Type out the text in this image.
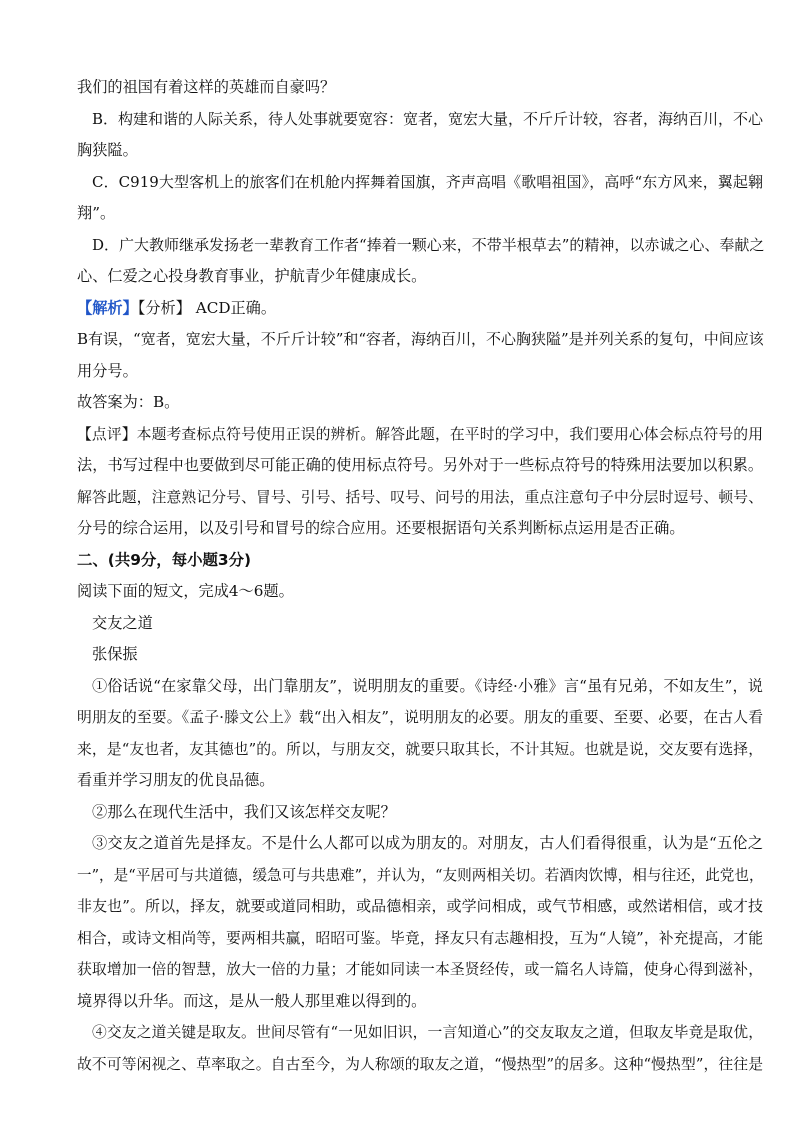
我们的祖国有着这样的英雄而自豪吗？
B．构建和谐的人际关系，待人处事就要宽容：宽者，宽宏大量，不斤斤计较，容者，海纳百川，不心
胸狭隘。
C．C919大型客机上的旅客们在机舱内挥舞着国旗，齐声高唱《歌唱祖国》，高呼“东方风来，翼起翱
翔”。
D．广大教师继承发扬老一辈教育工作者“捧着一颗心来，不带半根草去”的精神，以赤诚之心、奉献之
心、仁爱之心投身教育事业，护航青少年健康成长。
【解析】【分析】 ACD正确。
B有误，“宽者，宽宏大量，不斤斤计较”和“容者，海纳百川，不心胸狭隘”是并列关系的复句，中间应该
用分号。
故答案为：B。
【点评】本题考查标点符号使用正误的辨析。解答此题，在平时的学习中，我们要用心体会标点符号的用
法，书写过程中也要做到尽可能正确的使用标点符号。另外对于一些标点符号的特殊用法要加以积累。
解答此题，注意熟记分号、冒号、引号、括号、叹号、问号的用法，重点注意句子中分层时逗号、顿号、
分号的综合运用，以及引号和冒号的综合应用。还要根据语句关系判断标点运用是否正确。
二、(共9分，每小题3分)
阅读下面的短文，完成4～6题。
交友之道
张保振
①俗话说“在家靠父母，出门靠朋友”，说明朋友的重要。《诗经·小雅》言“虽有兄弟，不如友生”，说
明朋友的至要。《孟子·滕文公上》载“出入相友”，说明朋友的必要。朋友的重要、至要、必要，在古人看
来，是“友也者，友其德也”的。所以，与朋友交，就要只取其长，不计其短。也就是说，交友要有选择，
看重并学习朋友的优良品德。
②那么在现代生活中，我们又该怎样交友呢？
③交友之道首先是择友。不是什么人都可以成为朋友的。对朋友，古人们看得很重，认为是“五伦之
一”，是“平居可与共道德，缓急可与共患难”，并认为，“友则两相关切。若酒肉饮博，相与往还，此党也，
非友也”。所以，择友，就要或道同相助，或品德相亲，或学问相成，或气节相感，或然诺相信，或才技
相合，或诗文相尚等，要两相共赢，昭昭可鉴。毕竟，择友只有志趣相投，互为“人镜”，补充提高，才能
获取增加一倍的智慧，放大一倍的力量；才能如同读一本圣贤经传，或一篇名人诗篇，使身心得到滋补，
境界得以升华。而这，是从一般人那里难以得到的。
④交友之道关键是取友。世间尽管有“一见如旧识，一言知道心”的交友取友之道，但取友毕竟是取优，
故不可等闲视之、草率取之。自古至今，为人称颂的取友之道，“慢热型”的居多。这种“慢热型”，往往是
